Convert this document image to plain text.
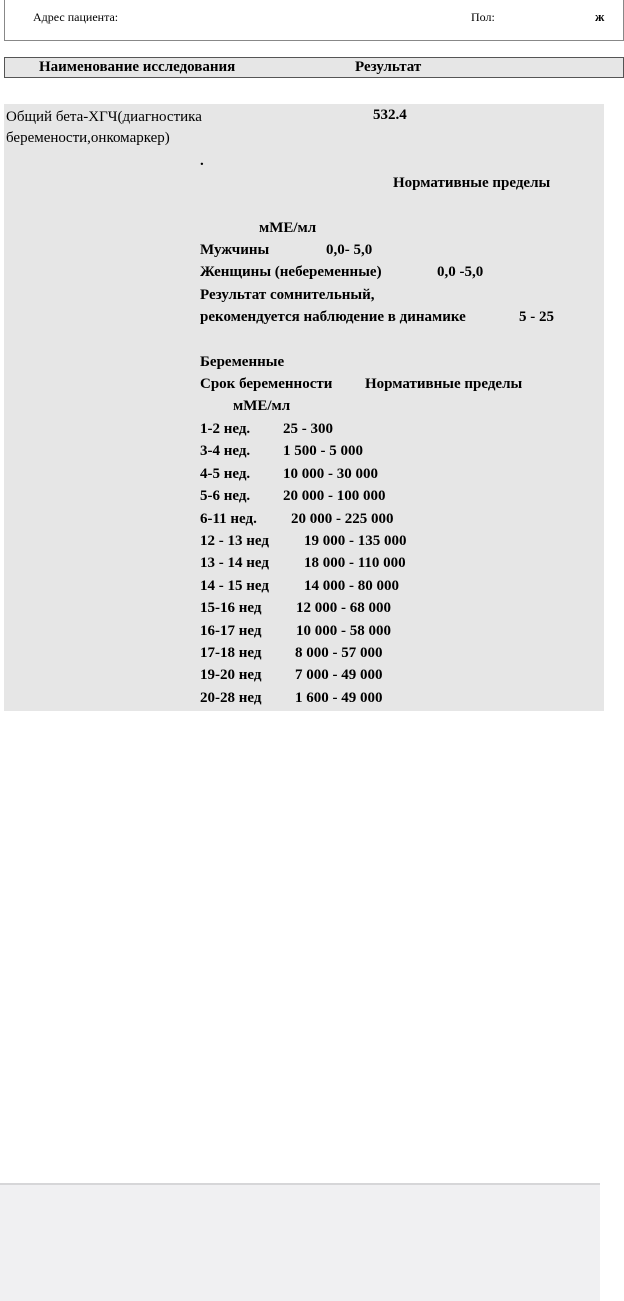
Адрес пациента:	Пол:	ж
Наименование исследования	Результат
Общий бета-ХГЧ(диагностика
беременоcти,онкомаркер)
532.4
.
Нормативные пределы
мМЕ/мл
Мужчины	0,0- 5,0
Женщины (небеременные)	0,0 -5,0
Результат сомнительный,
рекомендуется наблюдение в динамике	5 - 25
Беременные
Срок беременности Нормативные пределы
мМЕ/мл
1-2 нед. 25 - 300
3-4 нед. 1 500 - 5 000
4-5 нед. 10 000 - 30 000
5-6 нед. 20 000 - 100 000
6-11 нед. 20 000 - 225 000
12 - 13 нед 19 000 - 135 000
13 - 14 нед 18 000 - 110 000
14 - 15 нед 14 000 - 80 000
15-16 нед 12 000 - 68 000
16-17 нед 10 000 - 58 000
17-18 нед 8 000 - 57 000
19-20 нед 7 000 - 49 000
20-28 нед 1 600 - 49 000
